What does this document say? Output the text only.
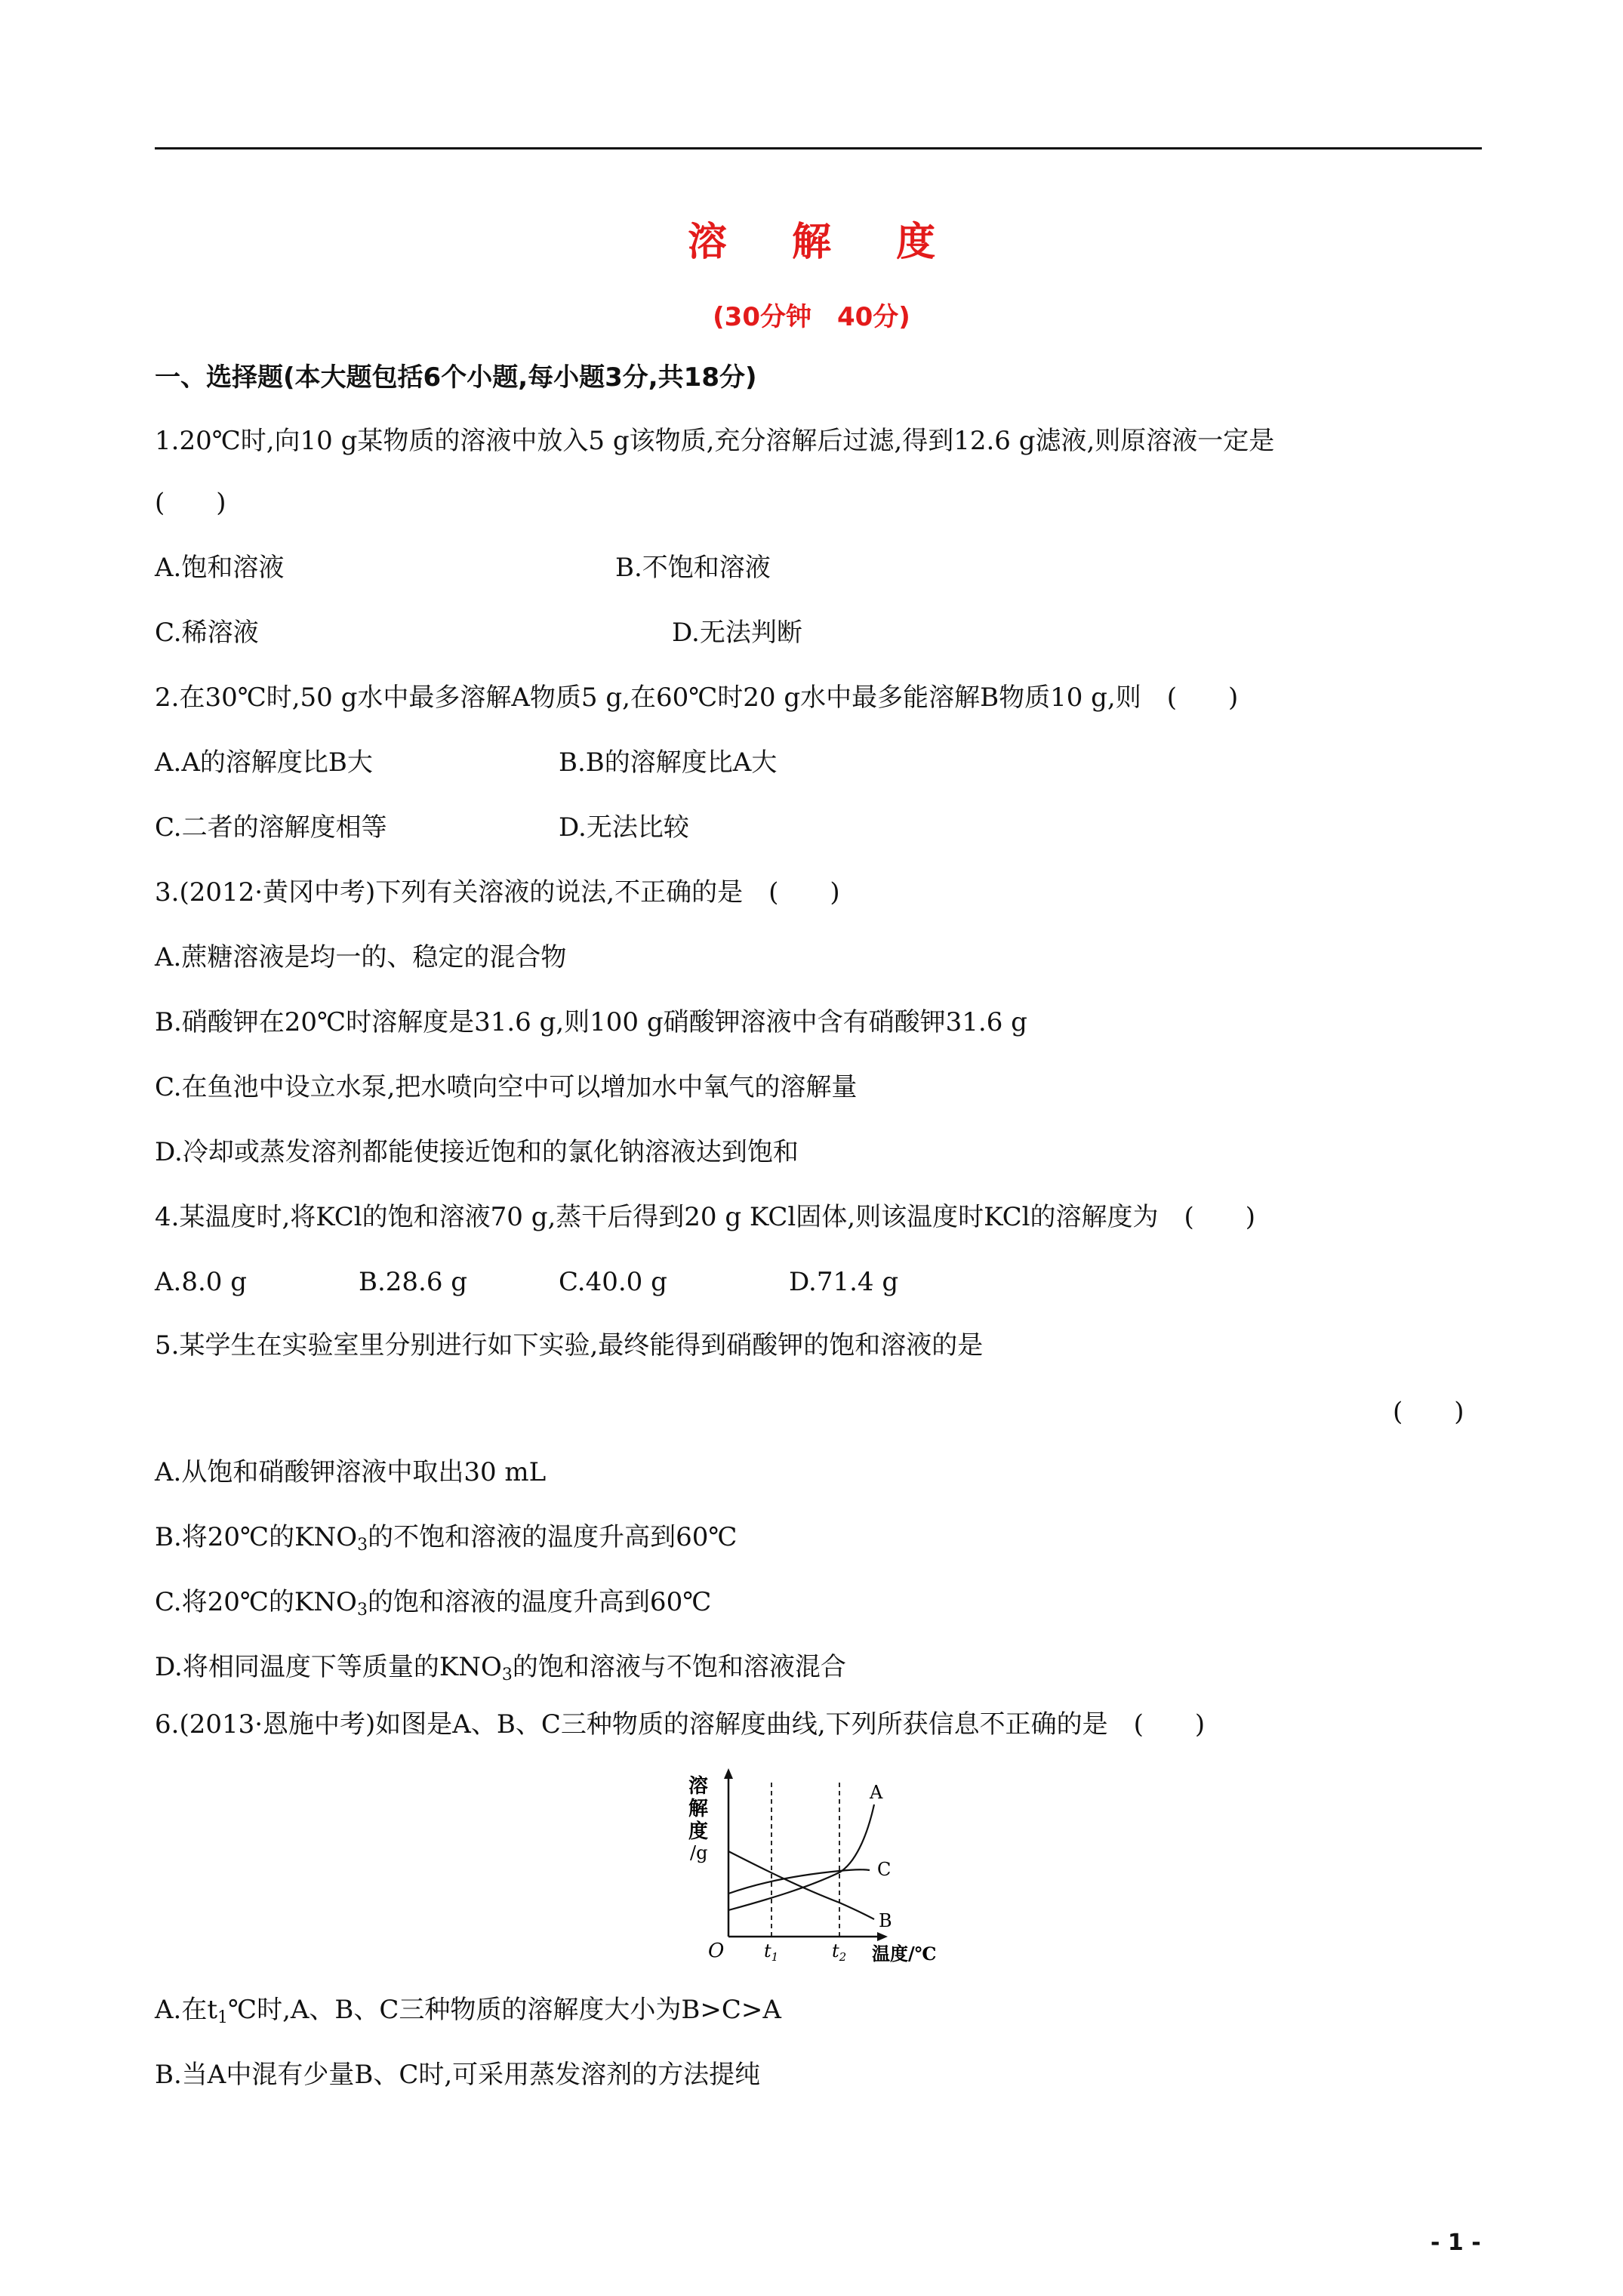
溶 解 度
(30分钟　40分)
一、选择题(本大题包括6个小题,每小题3分,共18分)
1.20℃时,向10 g某物质的溶液中放入5 g该物质,充分溶解后过滤,得到12.6 g滤液,则原溶液一定是
(　　)
A.饱和溶液	B.不饱和溶液
C.稀溶液	D.无法判断
2.在30℃时,50 g水中最多溶解A物质5 g,在60℃时20 g水中最多能溶解B物质10 g,则　(　　)
A.A的溶解度比B大	B.B的溶解度比A大
C.二者的溶解度相等	D.无法比较
3.(2012·黄冈中考)下列有关溶液的说法,不正确的是　(　　)
A.蔗糖溶液是均一的、稳定的混合物
B.硝酸钾在20℃时溶解度是31.6 g,则100 g硝酸钾溶液中含有硝酸钾31.6 g
C.在鱼池中设立水泵,把水喷向空中可以增加水中氧气的溶解量
D.冷却或蒸发溶剂都能使接近饱和的氯化钠溶液达到饱和
4.某温度时,将KCl的饱和溶液70 g,蒸干后得到20 g KCl固体,则该温度时KCl的溶解度为　(　　)
A.8.0 g	B.28.6 g	C.40.0 g	D.71.4 g
5.某学生在实验室里分别进行如下实验,最终能得到硝酸钾的饱和溶液的是
(　　)
A.从饱和硝酸钾溶液中取出30 mL
B.将20℃的$KNO_3$的不饱和溶液的温度升高到60℃
C.将20℃的$KNO_3$的饱和溶液的温度升高到60℃
D.将相同温度下等质量的$KNO_3$的饱和溶液与不饱和溶液混合
6.(2013·恩施中考)如图是A、B、C三种物质的溶解度曲线,下列所获信息不正确的是　(　　)
溶
解
度
/g
O $t_1$	$t_2$ 温度/℃
A
C
B
A.在$t_1℃$时,A、B、C三种物质的溶解度大小为B>C>A
B.当A中混有少量B、C时,可采用蒸发溶剂的方法提纯
- 1 -
